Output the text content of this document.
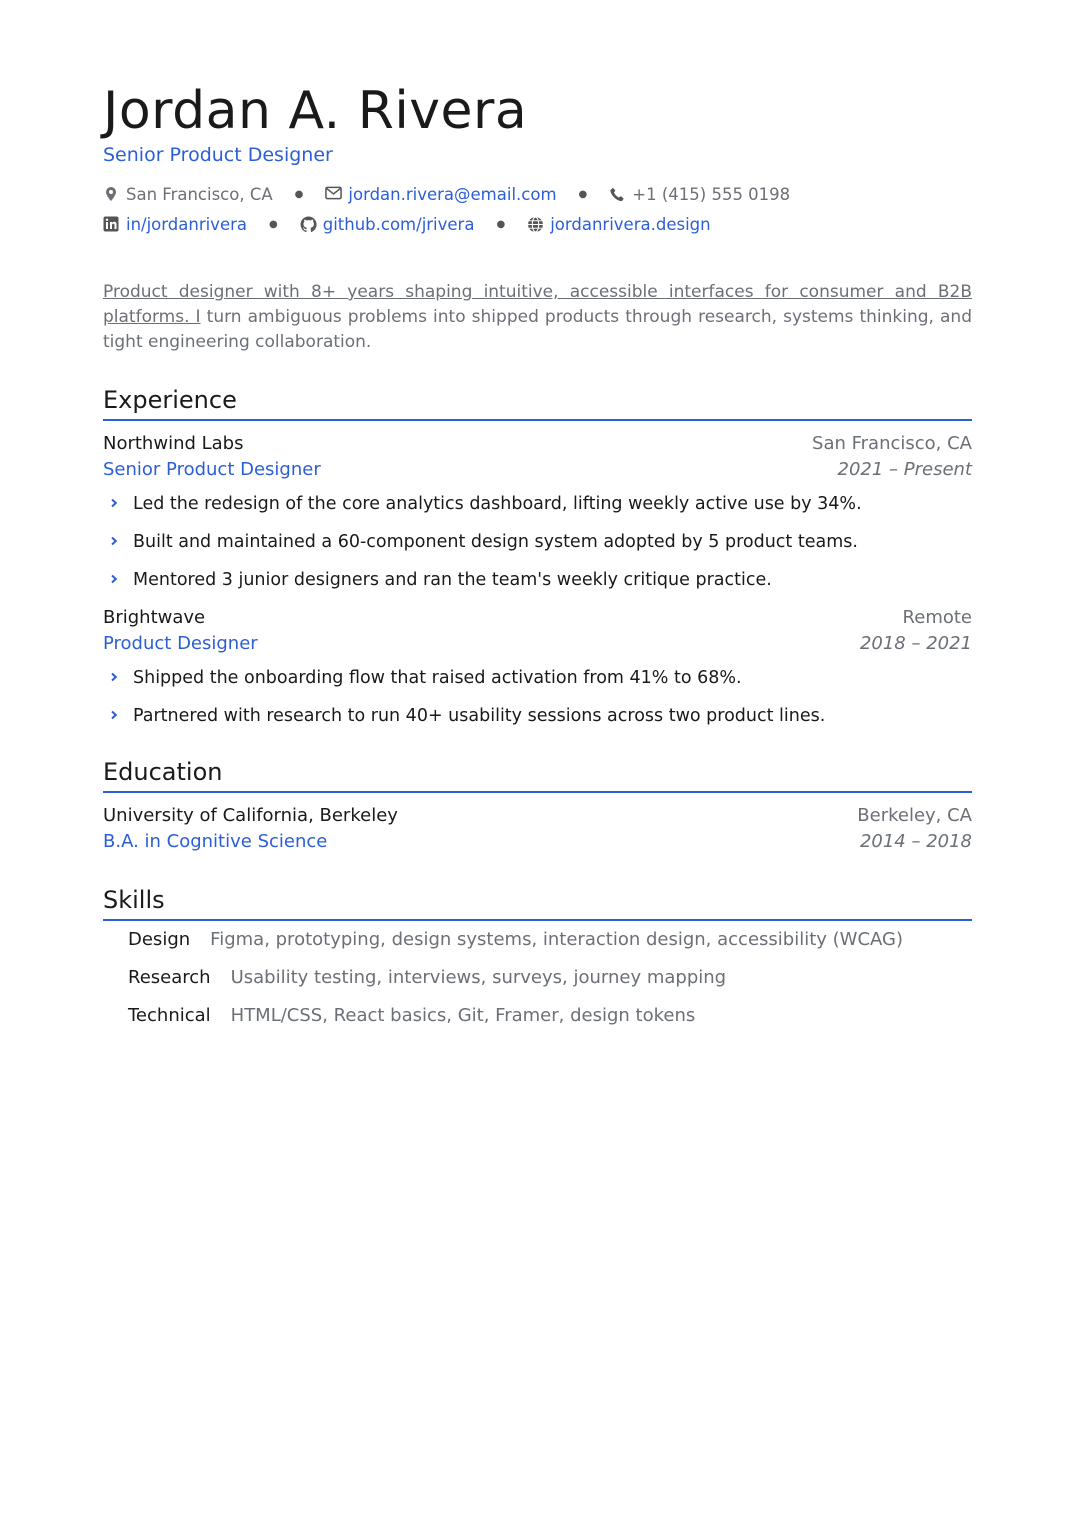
Jordan A. Rivera
Senior Product Designer
San Francisco, CA ●	jordan.rivera@email.com ●	+1 (415) 555 0198
in/jordanrivera ●	github.com/jrivera ●	jordanrivera.design
Product designer with 8+ years shaping intuitive, accessible interfaces for consumer and B2B platforms. I turn ambiguous problems into shipped products through research, systems thinking, and tight engineering collaboration.
Experience
Northwind Labs	San Francisco, CA
Senior Product Designer	2021 – Present
Led the redesign of the core analytics dashboard, lifting weekly active use by 34%.
Built and maintained a 60-component design system adopted by 5 product teams.
Mentored 3 junior designers and ran the team's weekly critique practice.
Brightwave	Remote
Product Designer	2018 – 2021
Shipped the onboarding flow that raised activation from 41% to 68%.
Partnered with research to run 40+ usability sessions across two product lines.
Education
University of California, Berkeley	Berkeley, CA
B.A. in Cognitive Science	2014 – 2018
Skills
Design Figma, prototyping, design systems, interaction design, accessibility (WCAG)
Research Usability testing, interviews, surveys, journey mapping
Technical HTML/CSS, React basics, Git, Framer, design tokens
